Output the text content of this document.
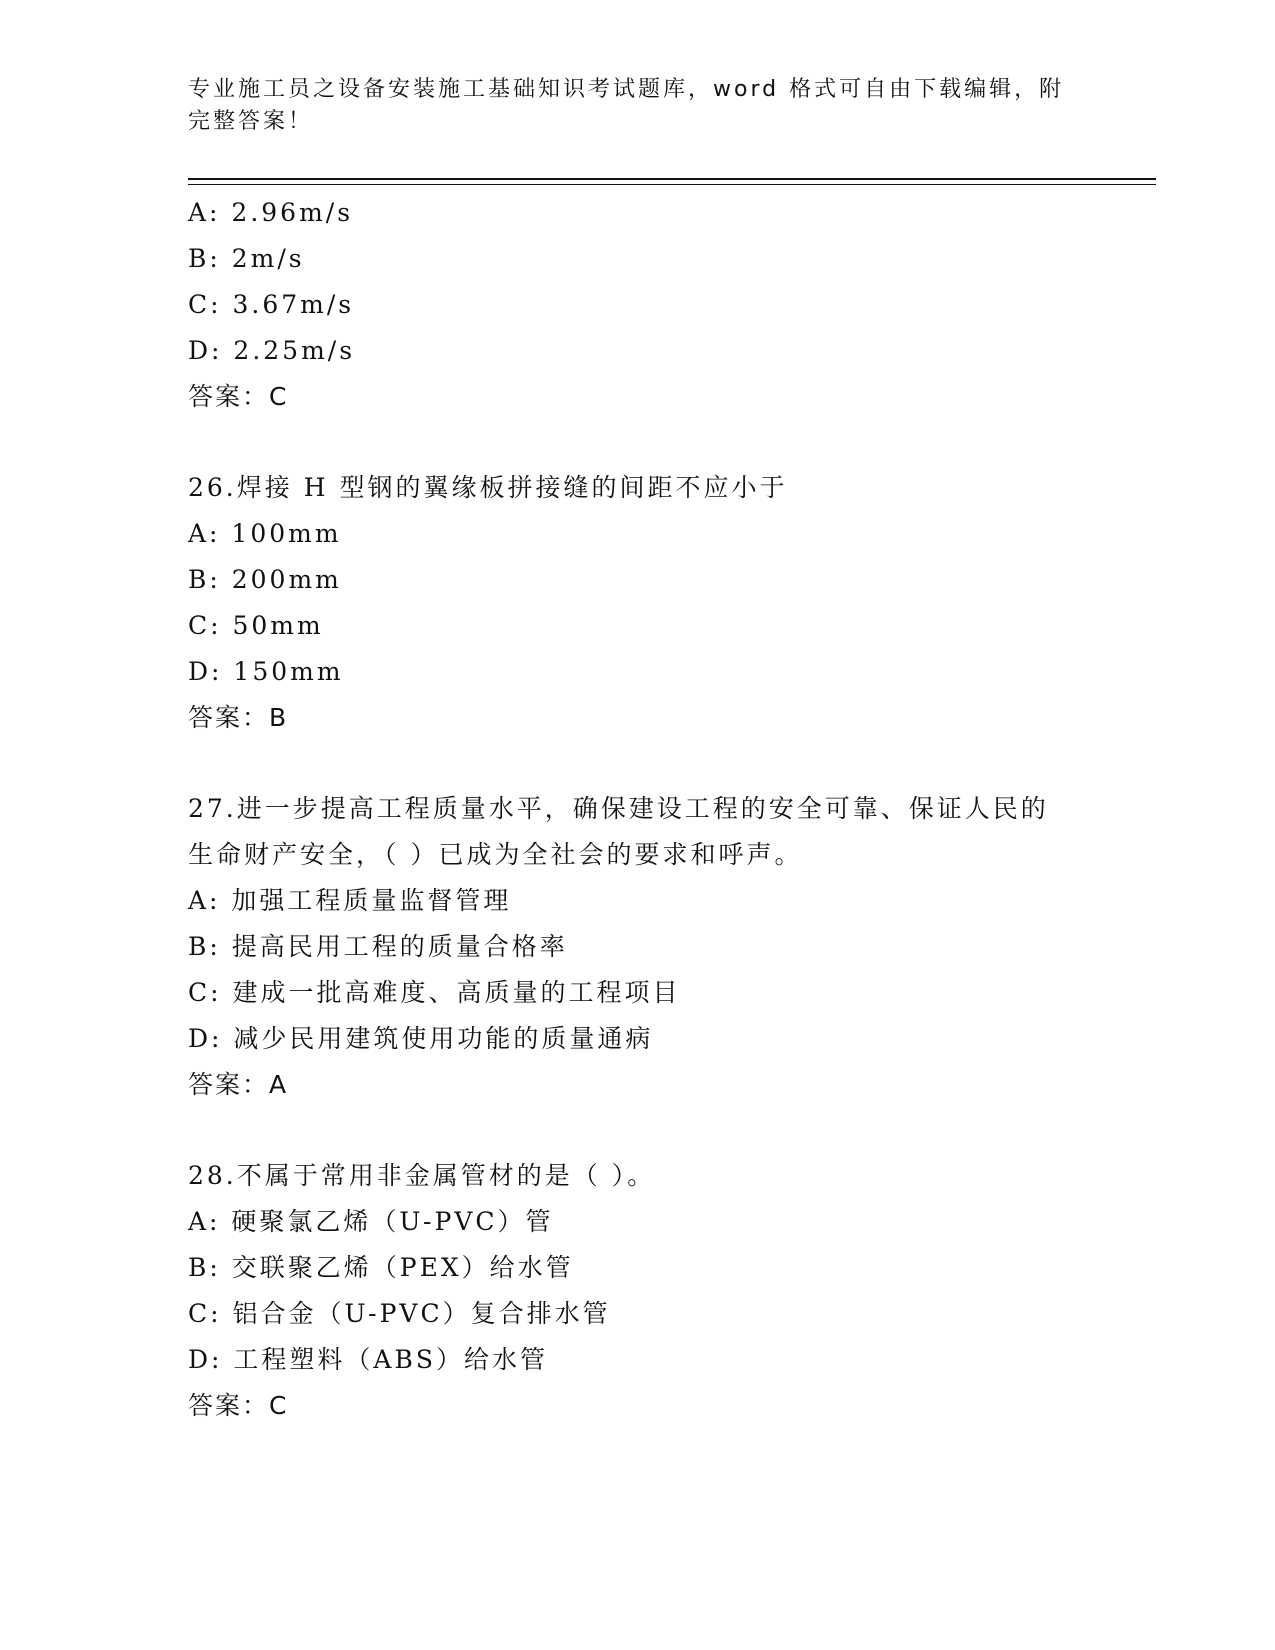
专业施工员之设备安装施工基础知识考试题库，word 格式可自由下载编辑，附完整答案！
A: 2.96m/s
B: 2m/s
C: 3.67m/s
D: 2.25m/s
答案：C
26.焊接 H 型钢的翼缘板拼接缝的间距不应小于
A: 100mm
B: 200mm
C: 50mm
D: 150mm
答案：B
27.进一步提高工程质量水平，确保建设工程的安全可靠、保证人民的
生命财产安全，（ ）已成为全社会的要求和呼声。
A: 加强工程质量监督管理
B: 提高民用工程的质量合格率
C: 建成一批高难度、高质量的工程项目
D: 减少民用建筑使用功能的质量通病
答案：A
28.不属于常用非金属管材的是（ ）。
A: 硬聚氯乙烯（U-PVC）管
B: 交联聚乙烯（PEX）给水管
C: 铝合金（U-PVC）复合排水管
D: 工程塑料（ABS）给水管
答案：C
